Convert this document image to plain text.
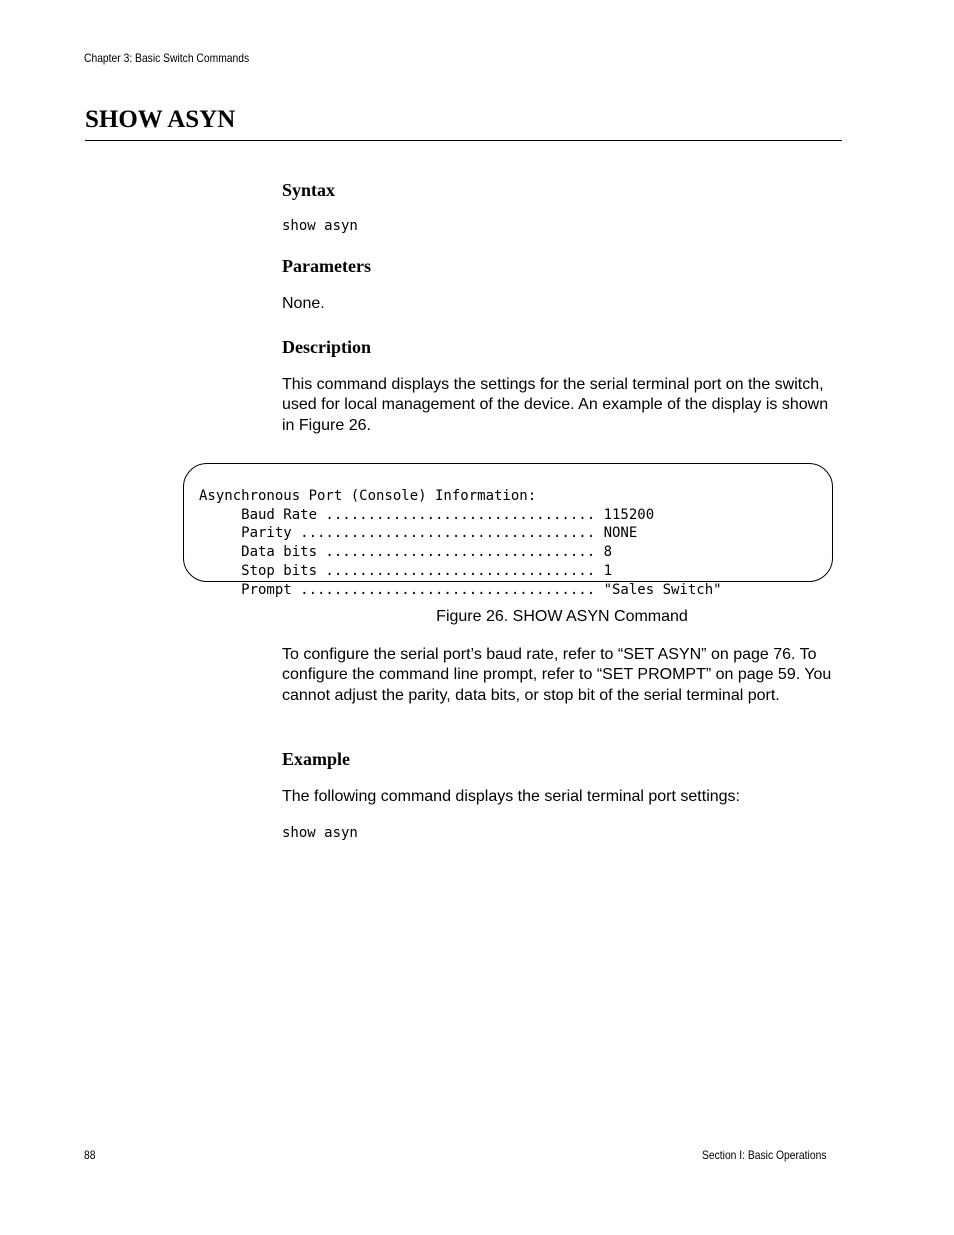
Chapter 3: Basic Switch Commands
SHOW ASYN
Syntax
show asyn
Parameters
None.
Description
This command displays the settings for the serial terminal port on the switch, used for local management of the device. An example of the display is shown in Figure 26.

Asynchronous Port (Console) Information:
Baud Rate ................................ 115200
Parity ................................... NONE
Data bits ................................ 8
Stop bits ................................ 1
Prompt ................................... "Sales Switch"

Figure 26. SHOW ASYN Command
To configure the serial port’s baud rate, refer to “SET ASYN” on page 76. To configure the command line prompt, refer to “SET PROMPT” on page 59. You cannot adjust the parity, data bits, or stop bit of the serial terminal port.
Example
The following command displays the serial terminal port settings:
show asyn
88	Section I: Basic Operations
